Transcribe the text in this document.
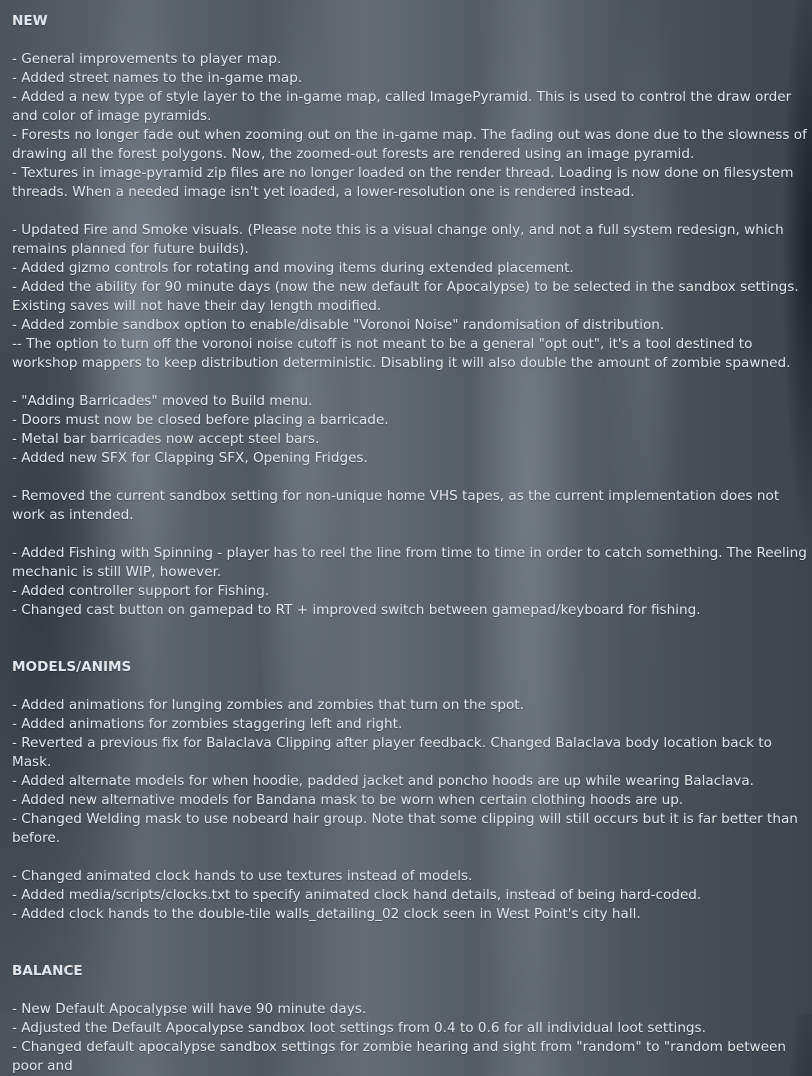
NEW
- General improvements to player map.
- Added street names to the in-game map.
- Added a new type of style layer to the in-game map, called ImagePyramid. This is used to control the draw order and color of image pyramids.
- Forests no longer fade out when zooming out on the in-game map. The fading out was done due to the slowness of drawing all the forest polygons. Now, the zoomed-out forests are rendered using an image pyramid.
- Textures in image-pyramid zip files are no longer loaded on the render thread. Loading is now done on filesystem threads. When a needed image isn't yet loaded, a lower-resolution one is rendered instead.
- Updated Fire and Smoke visuals. (Please note this is a visual change only, and not a full system redesign, which remains planned for future builds).
- Added gizmo controls for rotating and moving items during extended placement.
- Added the ability for 90 minute days (now the new default for Apocalypse) to be selected in the sandbox settings. Existing saves will not have their day length modified.
- Added zombie sandbox option to enable/disable "Voronoi Noise" randomisation of distribution.
-- The option to turn off the voronoi noise cutoff is not meant to be a general "opt out", it's a tool destined to workshop mappers to keep distribution deterministic. Disabling it will also double the amount of zombie spawned.
- "Adding Barricades" moved to Build menu.
- Doors must now be closed before placing a barricade.
- Metal bar barricades now accept steel bars.
- Added new SFX for Clapping SFX, Opening Fridges.
- Removed the current sandbox setting for non-unique home VHS tapes, as the current implementation does not work as intended.
- Added Fishing with Spinning - player has to reel the line from time to time in order to catch something. The Reeling mechanic is still WIP, however.
- Added controller support for Fishing.
- Changed cast button on gamepad to RT + improved switch between gamepad/keyboard for fishing.
MODELS/ANIMS
- Added animations for lunging zombies and zombies that turn on the spot.
- Added animations for zombies staggering left and right.
- Reverted a previous fix for Balaclava Clipping after player feedback. Changed Balaclava body location back to Mask.
- Added alternate models for when hoodie, padded jacket and poncho hoods are up while wearing Balaclava.
- Added new alternative models for Bandana mask to be worn when certain clothing hoods are up.
- Changed Welding mask to use nobeard hair group. Note that some clipping will still occurs but it is far better than before.
- Changed animated clock hands to use textures instead of models.
- Added media/scripts/clocks.txt to specify animated clock hand details, instead of being hard-coded.
- Added clock hands to the double-tile walls_detailing_02 clock seen in West Point's city hall.
BALANCE
- New Default Apocalypse will have 90 minute days.
- Adjusted the Default Apocalypse sandbox loot settings from 0.4 to 0.6 for all individual loot settings.
- Changed default apocalypse sandbox settings for zombie hearing and sight from "random" to "random between poor and
